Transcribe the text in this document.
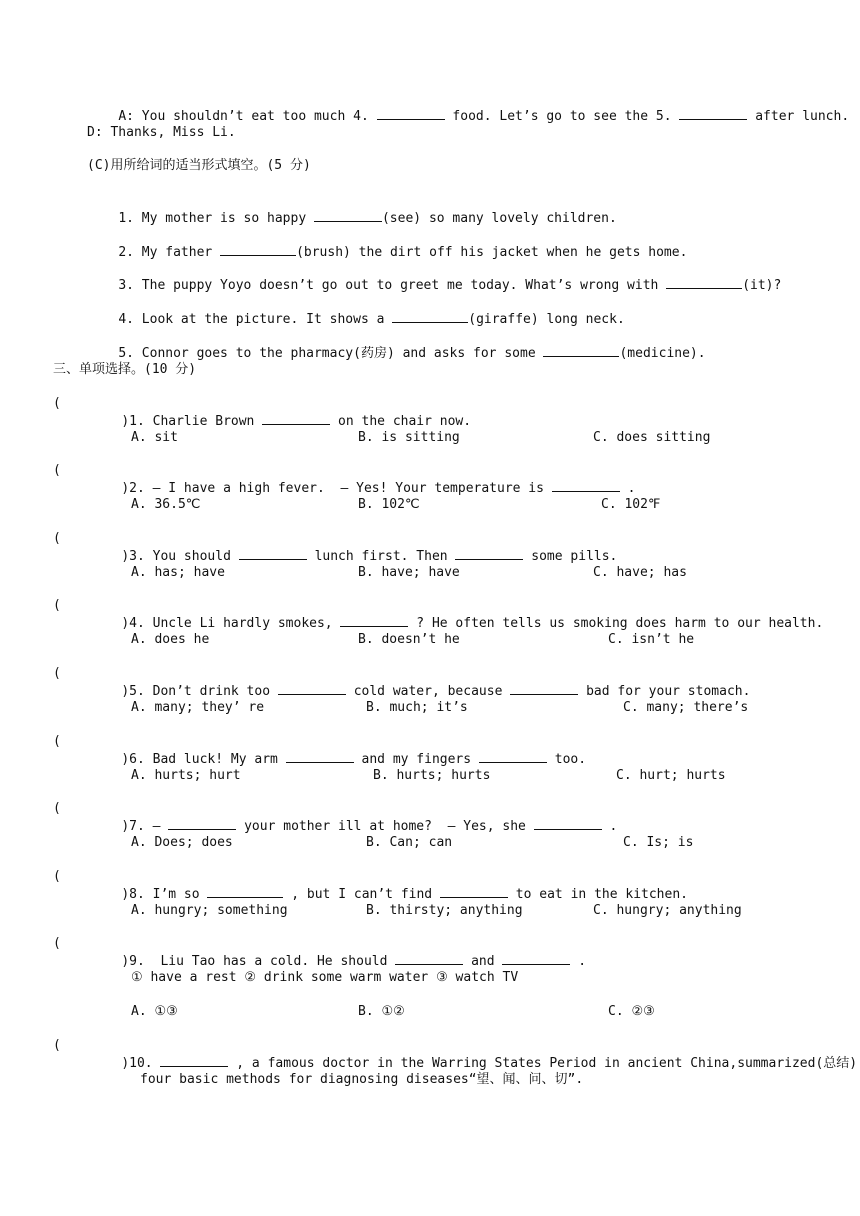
A: You shouldn’t eat too much 4.	food. Let’s go to see the 5.	after lunch.

D: Thanks, Miss Li.
(C)用所给词的适当形式填空。(5 分)

1. My mother is so happy	(see) so many lovely children.

2. My father	(brush) the dirt off his jacket when he gets home.

3. The puppy Yoyo doesn’t go out to greet me today. What’s wrong with	(it)?

4. Look at the picture. It shows a	(giraffe) long neck.

5. Connor goes to the pharmacy(药房) and asks for some	(medicine).

三、单项选择。(10 分)
(

)1. Charlie Brown	on the chair now.

A. sit	B. is sitting	C. does sitting
(

)2. — I have a high fever.  — Yes! Your temperature is	.

A. 36.5℃	B. 102℃	C. 102℉
(

)3. You should	lunch first. Then	some pills.

A. has; have	B. have; have	C. have; has
(

)4. Uncle Li hardly smokes,	? He often tells us smoking does harm to our health.

A. does he	B. doesn’t he	C. isn’t he
(

)5. Don’t drink too	cold water, because	bad for your stomach.

A. many; they’ re	B. much; it’s	C. many; there’s
(

)6. Bad luck! My arm	and my fingers	too.

A. hurts; hurt	B. hurts; hurts	C. hurt; hurts
(

)7. —	your mother ill at home?  — Yes, she	.

A. Does; does	B. Can; can	C. Is; is
(

)8. I’m so	, but I can’t find	to eat in the kitchen.

A. hungry; something	B. thirsty; anything	C. hungry; anything
(

)9.  Liu Tao has a cold. He should	and	.

① have a rest ② drink some warm water ③ watch TV
A. ①③	B. ①②	C. ②③
(

)10.	, a famous doctor in the Warring States Period in ancient China,summarized(总结)

four basic methods for diagnosing diseases“望、闻、问、切”.
